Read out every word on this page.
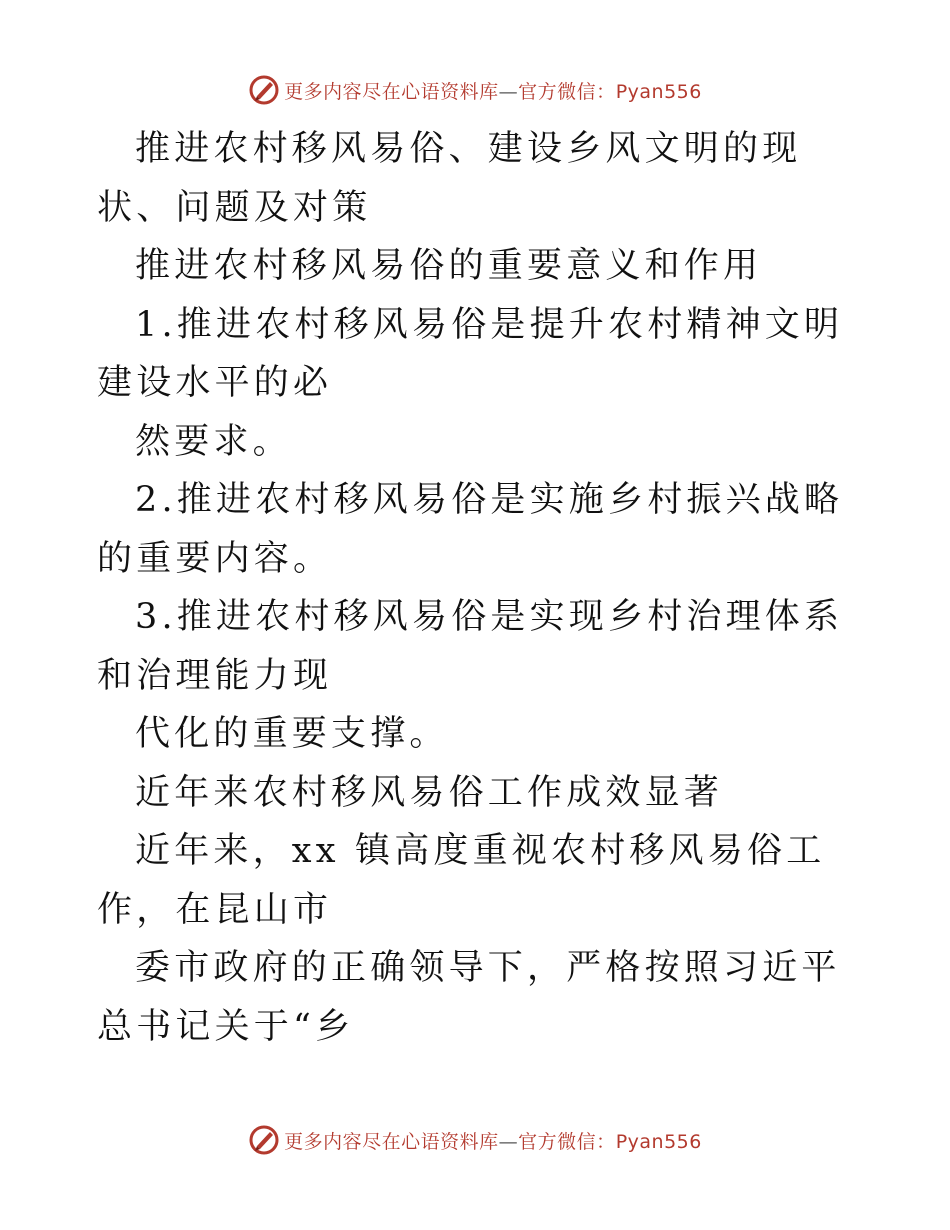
更多内容尽在心语资料库—官方微信：Pyan556

推进农村移风易俗、建设乡风文明的现状、问题及对策

推进农村移风易俗的重要意义和作用

1.推进农村移风易俗是提升农村精神文明建设水平的必

然要求。

2.推进农村移风易俗是实施乡村振兴战略的重要内容。

3.推进农村移风易俗是实现乡村治理体系和治理能力现

代化的重要支撑。

近年来农村移风易俗工作成效显著

近年来，xx 镇高度重视农村移风易俗工作，在昆山市

委市政府的正确领导下，严格按照习近平总书记关于“乡

更多内容尽在心语资料库—官方微信：Pyan556
